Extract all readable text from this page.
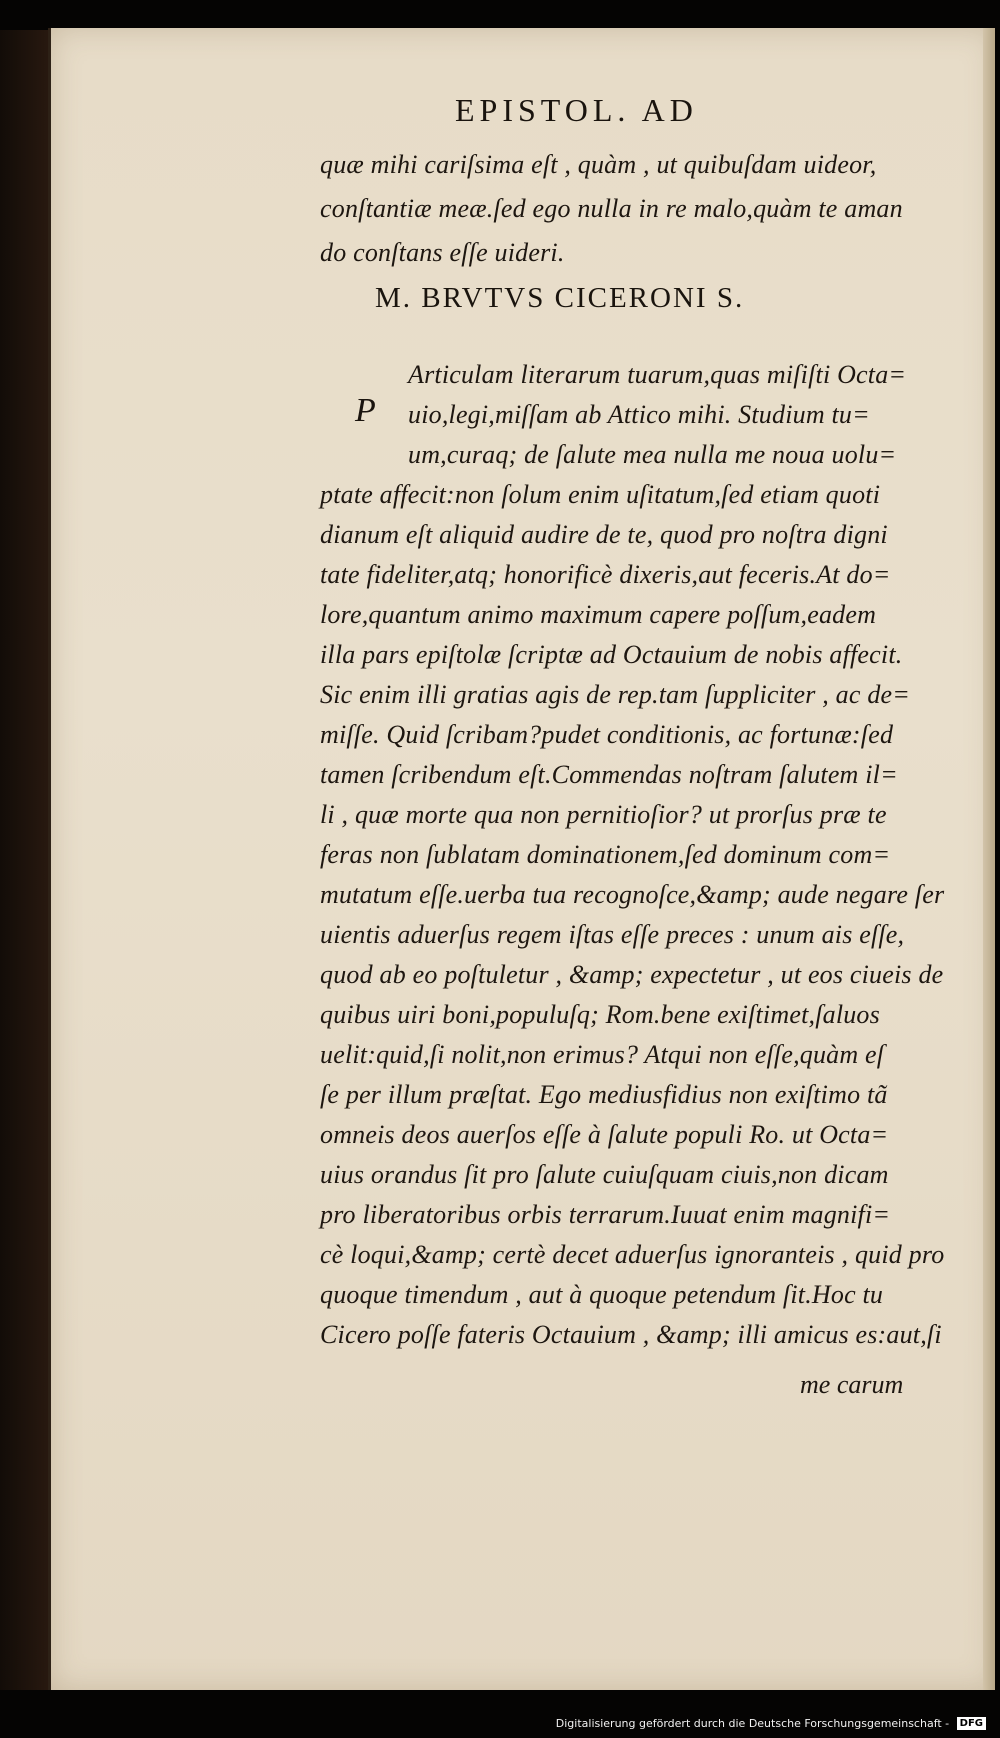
EPISTOL. AD
quæ mihi cariſsima eſt , quàm , ut quibuſdam uideor,
conſtantiæ meæ.ſed ego nulla in re malo,quàm te aman
do conſtans eſſe uideri.
M. BRVTVS CICERONI S.
P
Articulam literarum tuarum,quas miſiſti Octa=
uio,legi,miſſam ab Attico mihi. Studium tu=
um,curaq; de ſalute mea nulla me noua uolu=
ptate affecit:non ſolum enim uſitatum,ſed etiam quoti
dianum eſt aliquid audire de te, quod pro noſtra digni
tate fideliter,atq; honorificè dixeris,aut feceris.At do=
lore,quantum animo maximum capere poſſum,eadem
illa pars epiſtolæ ſcriptæ ad Octauium de nobis affecit.
Sic enim illi gratias agis de rep.tam ſuppliciter , ac de=
miſſe. Quid ſcribam?pudet conditionis, ac fortunæ:ſed
tamen ſcribendum eſt.Commendas noſtram ſalutem il=
li , quæ morte qua non pernitioſior? ut prorſus præ te
feras non ſublatam dominationem,ſed dominum com=
mutatum eſſe.uerba tua recognoſce,&amp; aude negare ſer
uientis aduerſus regem iſtas eſſe preces : unum ais eſſe,
quod ab eo poſtuletur , &amp; expectetur , ut eos ciueis de
quibus uiri boni,populuſq; Rom.bene exiſtimet,ſaluos
uelit:quid,ſi nolit,non erimus? Atqui non eſſe,quàm eſ
ſe per illum præſtat. Ego mediusfidius non exiſtimo tã
omneis deos auerſos eſſe à ſalute populi Ro. ut Octa=
uius orandus ſit pro ſalute cuiuſquam ciuis,non dicam
pro liberatoribus orbis terrarum.Iuuat enim magnifi=
cè loqui,&amp; certè decet aduerſus ignoranteis , quid pro
quoque timendum , aut à quoque petendum ſit.Hoc tu
Cicero poſſe fateris Octauium , &amp; illi amicus es:aut,ſi
me carum
Digitalisierung gefördert durch die Deutsche Forschungsgemeinschaft - DFG
